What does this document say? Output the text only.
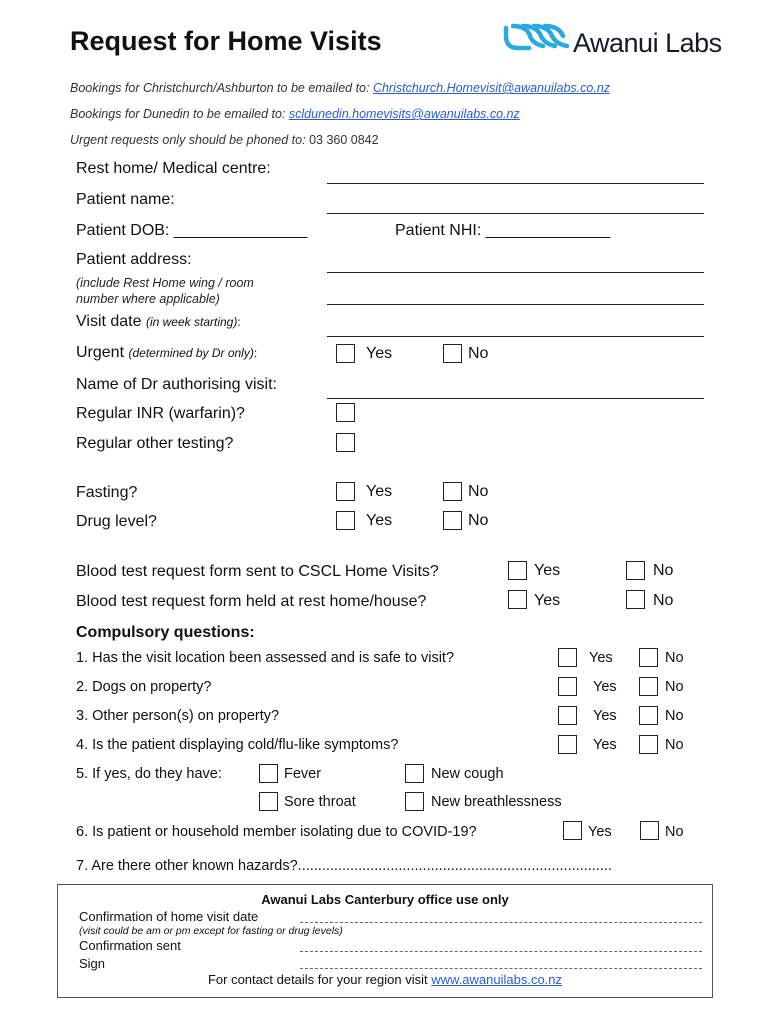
Request for Home Visits	Awanui Labs
Bookings for Christchurch/Ashburton to be emailed to: Christchurch.Homevisit@awanuilabs.co.nz
Bookings for Dunedin to be emailed to: scldunedin.homevisits@awanuilabs.co.nz
Urgent requests only should be phoned to: 03 360 0842
Rest home/ Medical centre:
Patient name:
Patient DOB: _______________	Patient NHI: ______________
Patient address:
(include Rest Home wing / room
number where applicable)
Visit date (in week starting):
Urgent (determined by Dr only):	Yes	No
Name of Dr authorising visit:
Regular INR (warfarin)?
Regular other testing?
Fasting?	Yes	No
Drug level?	Yes	No
Blood test request form sent to CSCL Home Visits?	Yes	No
Blood test request form held at rest home/house?	Yes	No
Compulsory questions:
1. Has the visit location been assessed and is safe to visit?	Yes	No
2. Dogs on property?	Yes	No
3. Other person(s) on property?	Yes	No
4. Is the patient displaying cold/flu-like symptoms?	Yes	No
5. If yes, do they have:	Fever	New cough
Sore throat	New breathlessness
6. Is patient or household member isolating due to COVID-19?	Yes	No
7. Are there other known hazards?..............................................................................
Awanui Labs Canterbury office use only
Confirmation of home visit date
(visit could be am or pm except for fasting or drug levels)
Confirmation sent
Sign
For contact details for your region visit www.awanuilabs.co.nz
